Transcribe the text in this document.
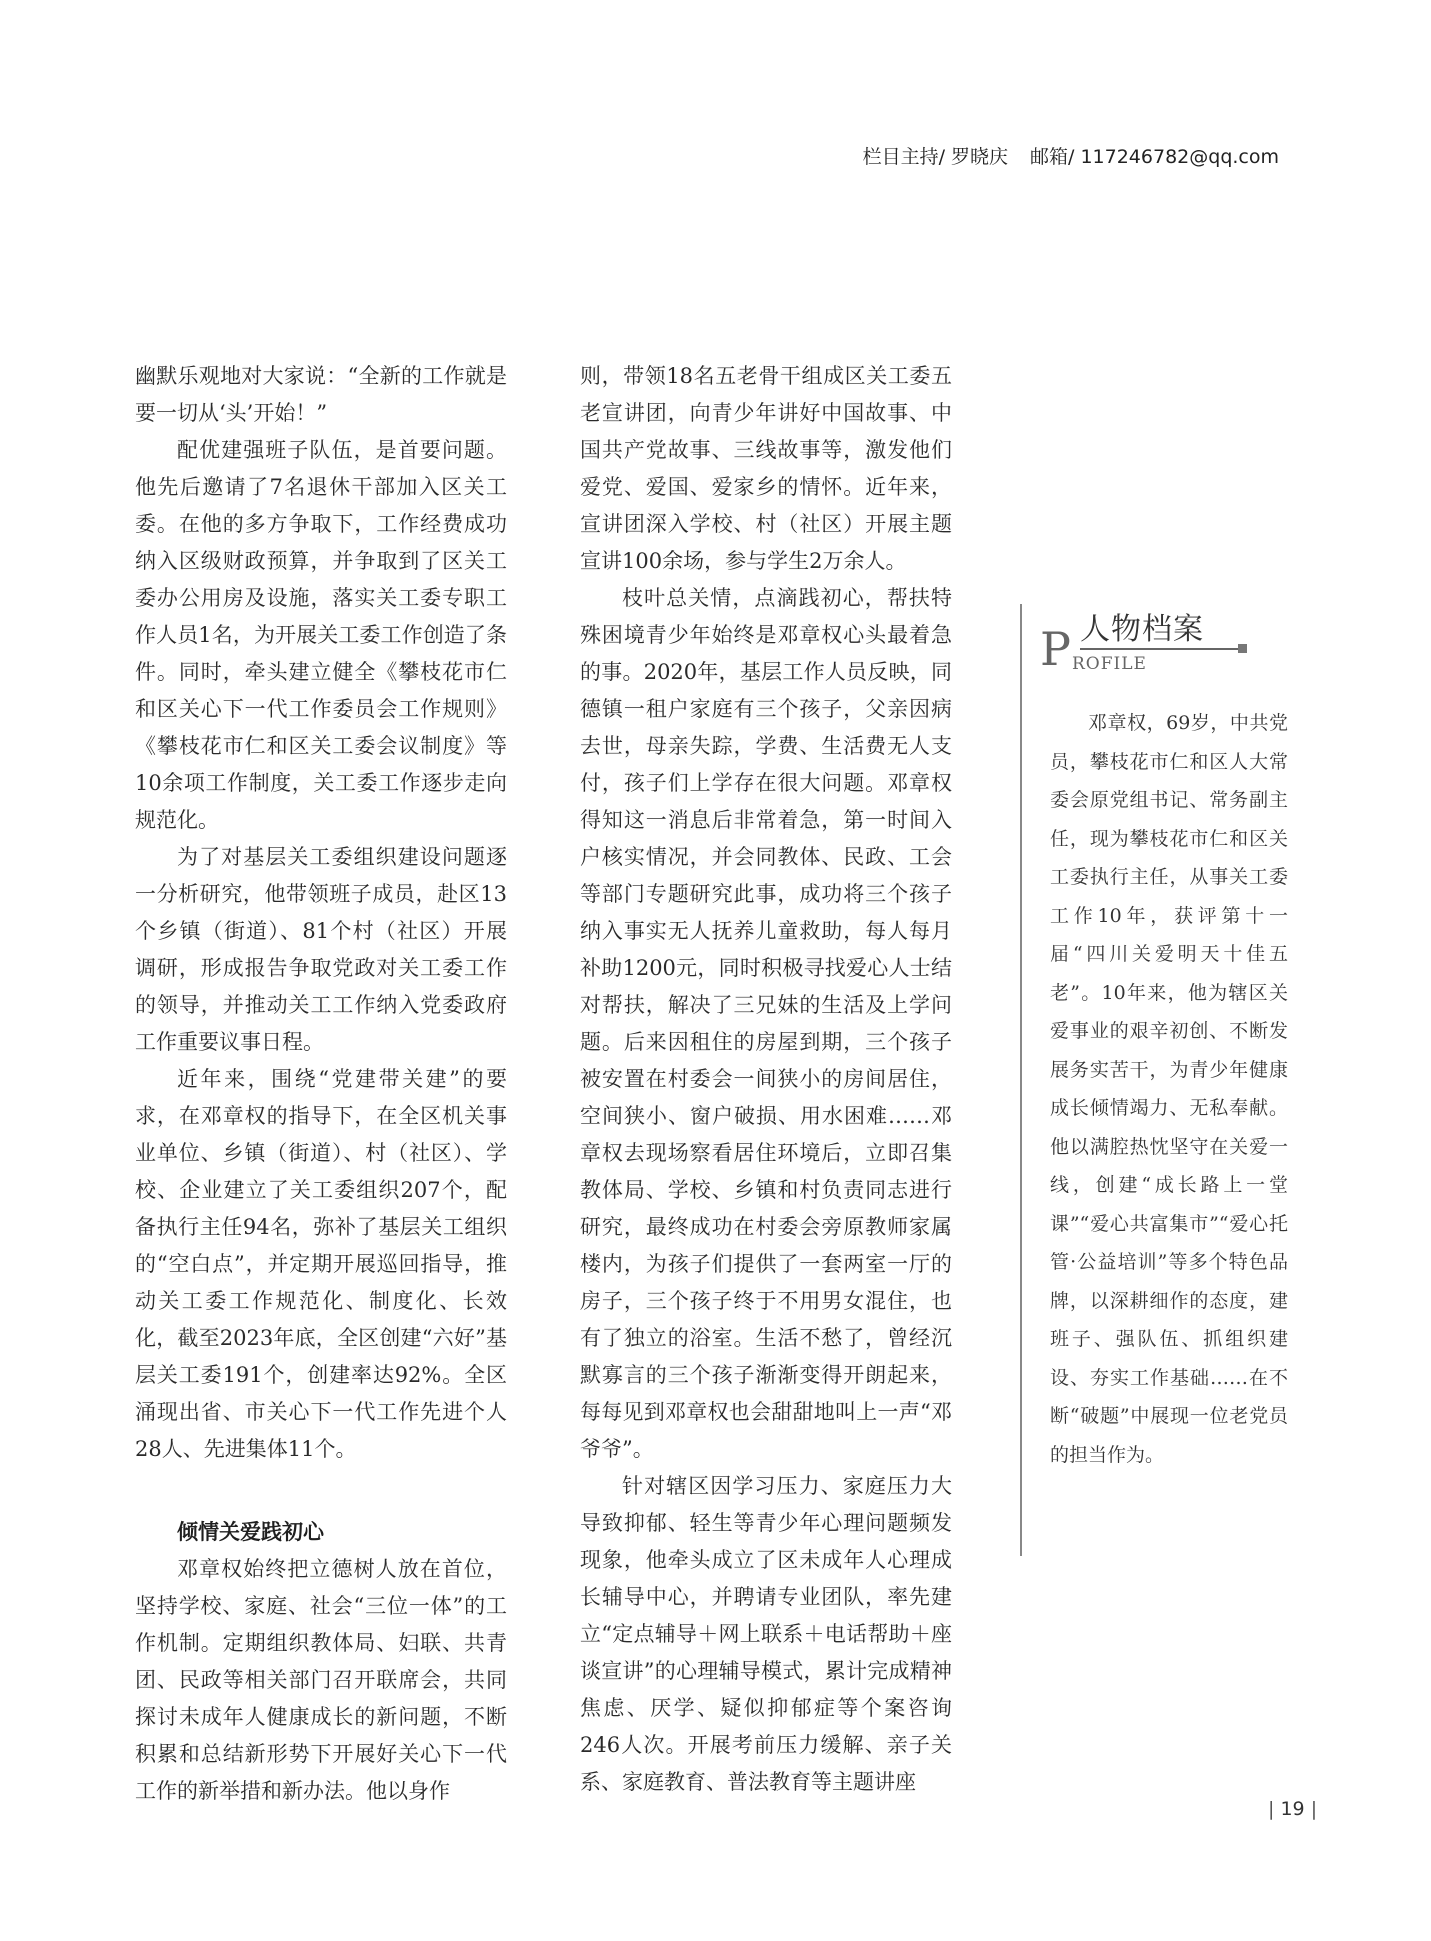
栏目主持/ 罗晓庆 邮箱/ 117246782@qq.com

幽默乐观地对大家说：“全新的工作就是要一切从‘头’开始！”

配优建强班子队伍，是首要问题。他先后邀请了7名退休干部加入区关工委。在他的多方争取下，工作经费成功纳入区级财政预算，并争取到了区关工委办公用房及设施，落实关工委专职工作人员1名，为开展关工委工作创造了条件。同时，牵头建立健全《攀枝花市仁和区关心下一代工作委员会工作规则》《攀枝花市仁和区关工委会议制度》等10余项工作制度，关工委工作逐步走向规范化。

为了对基层关工委组织建设问题逐一分析研究，他带领班子成员，赴区13个乡镇（街道）、81个村（社区）开展调研，形成报告争取党政对关工委工作的领导，并推动关工工作纳入党委政府工作重要议事日程。

近年来，围绕“党建带关建”的要求，在邓章权的指导下，在全区机关事业单位、乡镇（街道）、村（社区）、学校、企业建立了关工委组织207个，配备执行主任94名，弥补了基层关工组织的“空白点”，并定期开展巡回指导，推动关工委工作规范化、制度化、长效化，截至2023年底，全区创建“六好”基层关工委191个，创建率达92%。全区涌现出省、市关心下一代工作先进个人28人、先进集体11个。

倾情关爱践初心

邓章权始终把立德树人放在首位，坚持学校、家庭、社会“三位一体”的工作机制。定期组织教体局、妇联、共青团、民政等相关部门召开联席会，共同探讨未成年人健康成长的新问题，不断积累和总结新形势下开展好关心下一代工作的新举措和新办法。他以身作

则，带领18名五老骨干组成区关工委五老宣讲团，向青少年讲好中国故事、中国共产党故事、三线故事等，激发他们爱党、爱国、爱家乡的情怀。近年来，宣讲团深入学校、村（社区）开展主题宣讲100余场，参与学生2万余人。

枝叶总关情，点滴践初心，帮扶特殊困境青少年始终是邓章权心头最着急的事。2020年，基层工作人员反映，同德镇一租户家庭有三个孩子，父亲因病去世，母亲失踪，学费、生活费无人支付，孩子们上学存在很大问题。邓章权得知这一消息后非常着急，第一时间入户核实情况，并会同教体、民政、工会等部门专题研究此事，成功将三个孩子纳入事实无人抚养儿童救助，每人每月补助1200元，同时积极寻找爱心人士结对帮扶，解决了三兄妹的生活及上学问题。后来因租住的房屋到期，三个孩子被安置在村委会一间狭小的房间居住，空间狭小、窗户破损、用水困难……邓章权去现场察看居住环境后，立即召集教体局、学校、乡镇和村负责同志进行研究，最终成功在村委会旁原教师家属楼内，为孩子们提供了一套两室一厅的房子，三个孩子终于不用男女混住，也有了独立的浴室。生活不愁了，曾经沉默寡言的三个孩子渐渐变得开朗起来，每每见到邓章权也会甜甜地叫上一声“邓爷爷”。

针对辖区因学习压力、家庭压力大导致抑郁、轻生等青少年心理问题频发现象，他牵头成立了区未成年人心理成长辅导中心，并聘请专业团队，率先建立“定点辅导＋网上联系＋电话帮助＋座谈宣讲”的心理辅导模式，累计完成精神焦虑、厌学、疑似抑郁症等个案咨询246人次。开展考前压力缓解、亲子关系、家庭教育、普法教育等主题讲座

人物档案
P ROFILE
邓章权，69岁，中共党员，攀枝花市仁和区人大常委会原党组书记、常务副主任，现为攀枝花市仁和区关工委执行主任，从事关工委工作10年，获评第十一届“四川关爱明天十佳五老”。10年来，他为辖区关爱事业的艰辛初创、不断发展务实苦干，为青少年健康成长倾情竭力、无私奉献。他以满腔热忱坚守在关爱一线，创建“成长路上一堂课”“爱心共富集市”“爱心托管·公益培训”等多个特色品牌，以深耕细作的态度，建班子、强队伍、抓组织建设、夯实工作基础……在不断“破题”中展现一位老党员的担当作为。
| 19 |
